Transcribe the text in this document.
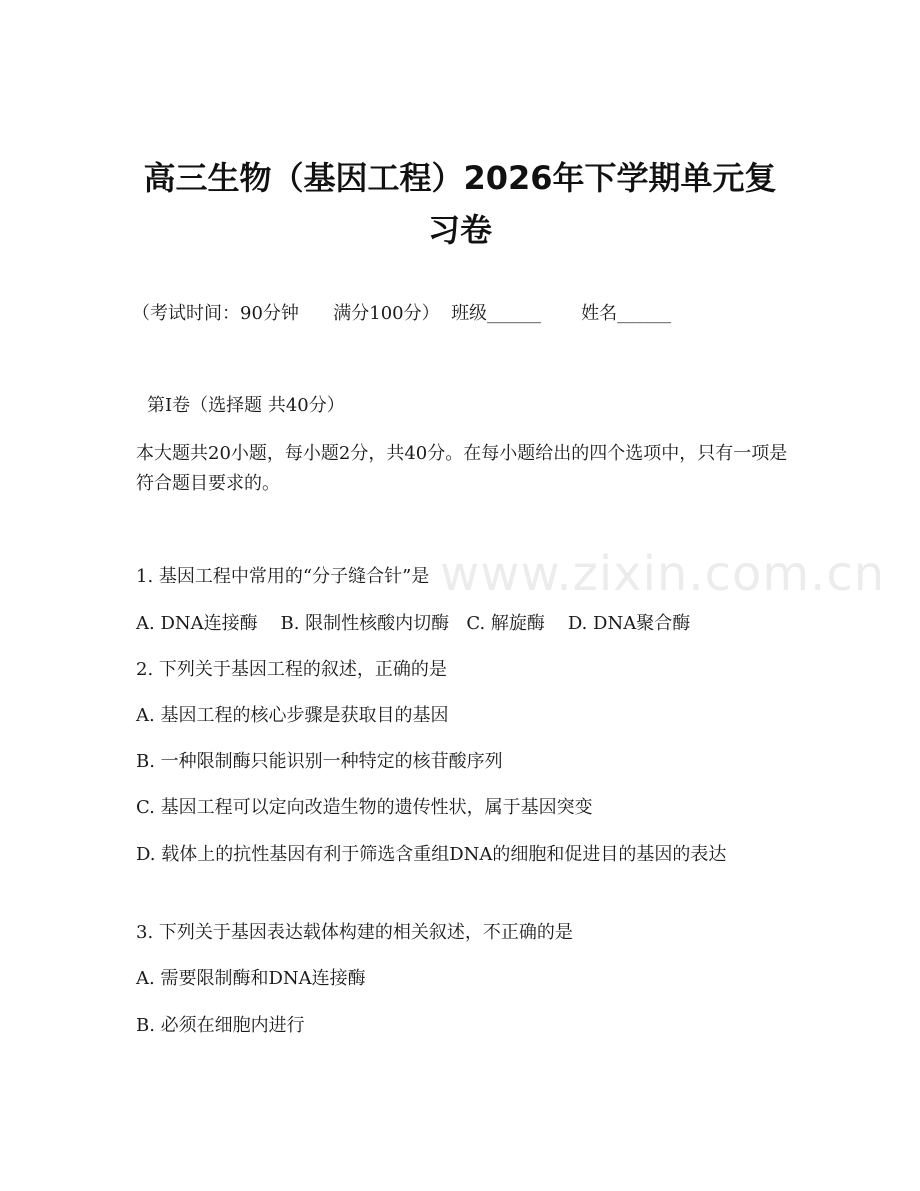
高三生物（基因工程）2026年下学期单元复习卷
（考试时间：90分钟 满分100分） 班级______ 姓名______
第I卷（选择题 共40分）
本大题共20小题，每小题2分，共40分。在每小题给出的四个选项中，只有一项是符合题目要求的。
www.zixin.com.cn
1. 基因工程中常用的“分子缝合针”是
A. DNA连接酶 B. 限制性核酸内切酶 C. 解旋酶 D. DNA聚合酶
2. 下列关于基因工程的叙述，正确的是
A. 基因工程的核心步骤是获取目的基因
B. 一种限制酶只能识别一种特定的核苷酸序列
C. 基因工程可以定向改造生物的遗传性状，属于基因突变
D. 载体上的抗性基因有利于筛选含重组DNA的细胞和促进目的基因的表达
3. 下列关于基因表达载体构建的相关叙述，不正确的是
A. 需要限制酶和DNA连接酶
B. 必须在细胞内进行
